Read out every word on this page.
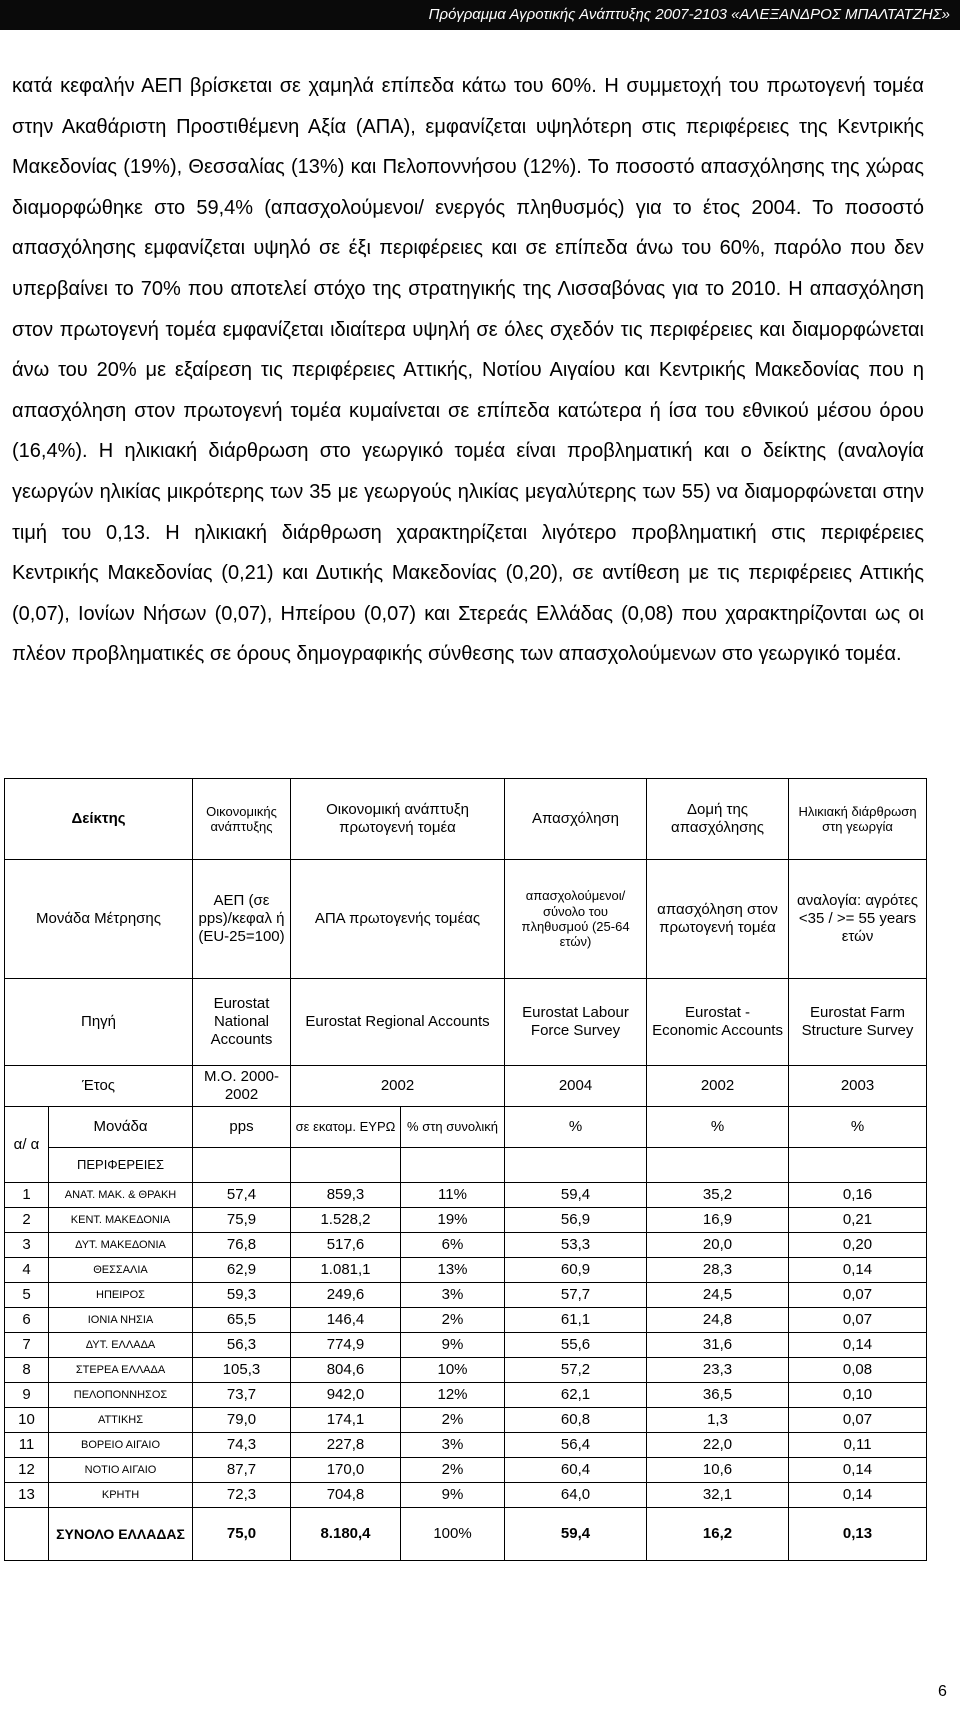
Πρόγραμμα Αγροτικής Ανάπτυξης 2007-2103 «ΑΛΕΞΑΝΔΡΟΣ ΜΠΑΛΤΑΤΖΗΣ»

κατά κεφαλήν ΑΕΠ βρίσκεται σε χαμηλά επίπεδα κάτω του 60%. Η συμμετοχή του πρωτογενή τομέα στην Ακαθάριστη Προστιθέμενη Αξία (ΑΠΑ), εμφανίζεται υψηλότερη στις περιφέρειες της Κεντρικής Μακεδονίας (19%), Θεσσαλίας (13%) και Πελοποννήσου (12%). Το ποσοστό απασχόλησης της χώρας διαμορφώθηκε στο 59,4% (απασχολούμενοι/ ενεργός πληθυσμός) για το έτος 2004. Το ποσοστό απασχόλησης εμφανίζεται υψηλό σε έξι περιφέρειες και σε επίπεδα άνω του 60%, παρόλο που δεν υπερβαίνει το 70% που αποτελεί στόχο της στρατηγικής της Λισσαβόνας για το 2010. Η απασχόληση στον πρωτογενή τομέα εμφανίζεται ιδιαίτερα υψηλή σε όλες σχεδόν τις περιφέρειες και διαμορφώνεται άνω του 20% με εξαίρεση τις περιφέρειες Αττικής, Νοτίου Αιγαίου και Κεντρικής Μακεδονίας που η απασχόληση στον πρωτογενή τομέα κυμαίνεται σε επίπεδα κατώτερα ή ίσα του εθνικού μέσου όρου (16,4%). Η ηλικιακή διάρθρωση στο γεωργικό τομέα είναι προβληματική και ο δείκτης (αναλογία γεωργών ηλικίας μικρότερης των 35 με γεωργούς ηλικίας μεγαλύτερης των 55) να διαμορφώνεται στην τιμή του 0,13. Η ηλικιακή διάρθρωση χαρακτηρίζεται λιγότερο προβληματική στις περιφέρειες Κεντρικής Μακεδονίας (0,21) και Δυτικής Μακεδονίας (0,20), σε αντίθεση με τις περιφέρειες Αττικής (0,07), Ιονίων Νήσων (0,07), Ηπείρου (0,07) και Στερεάς Ελλάδας (0,08) που χαρακτηρίζονται ως οι πλέον προβληματικές σε όρους δημογραφικής σύνθεσης των απασχολούμενων στο γεωργικό τομέα.

Δείκτης		Οικονομικής ανάπτυξης	Οικονομική ανάπτυξη πρωτογενή τομέα		Απασχόληση	Δομή της απασχόλησης	Ηλικιακή διάρθρωση στη γεωργία
Μονάδα Μέτρησης		ΑΕΠ (σε pps)/κεφαλ ή (EU-25=100)	ΑΠΑ πρωτογενής τομέας		απασχολούμενοι/ σύνολο του πληθυσμού (25-64 ετών)	απασχόληση στον πρωτογενή τομέα	αναλογία: αγρότες <35 / >= 55 years ετών
Πηγή		Eurostat National Accounts	Eurostat Regional Accounts		Eurostat Labour Force Survey	Eurostat - Economic Accounts	Eurostat Farm Structure Survey
Έτος		Μ.Ο. 2000-2002	2002		2004	2002	2003
α/ α	Μονάδα	pps	σε εκατομ. ΕΥΡΩ	% στη συνολική	%	%	%
	ΠΕΡΙΦΕΡΕΙΕΣ						
1	ΑΝΑΤ. ΜΑΚ. & ΘΡΑΚΗ	57,4	859,3	11%	59,4	35,2	0,16
2	ΚΕΝΤ. ΜΑΚΕΔΟΝΙΑ	75,9	1.528,2	19%	56,9	16,9	0,21
3	ΔΥΤ. ΜΑΚΕΔΟΝΙΑ	76,8	517,6	6%	53,3	20,0	0,20
4	ΘΕΣΣΑΛΙΑ	62,9	1.081,1	13%	60,9	28,3	0,14
5	ΗΠΕΙΡΟΣ	59,3	249,6	3%	57,7	24,5	0,07
6	ΙΟΝΙΑ ΝΗΣΙΑ	65,5	146,4	2%	61,1	24,8	0,07
7	ΔΥΤ. ΕΛΛΑΔΑ	56,3	774,9	9%	55,6	31,6	0,14
8	ΣΤΕΡΕΑ ΕΛΛΑΔΑ	105,3	804,6	10%	57,2	23,3	0,08
9	ΠΕΛΟΠΟΝΝΗΣΟΣ	73,7	942,0	12%	62,1	36,5	0,10
10	ΑΤΤΙΚΗΣ	79,0	174,1	2%	60,8	1,3	0,07
11	ΒΟΡΕΙΟ ΑΙΓΑΙΟ	74,3	227,8	3%	56,4	22,0	0,11
12	ΝΟΤΙΟ ΑΙΓΑΙΟ	87,7	170,0	2%	60,4	10,6	0,14
13	ΚΡΗΤΗ	72,3	704,8	9%	64,0	32,1	0,14
	ΣΥΝΟΛΟ ΕΛΛΑΔΑΣ	75,0	8.180,4	100%	59,4	16,2	0,13
6
